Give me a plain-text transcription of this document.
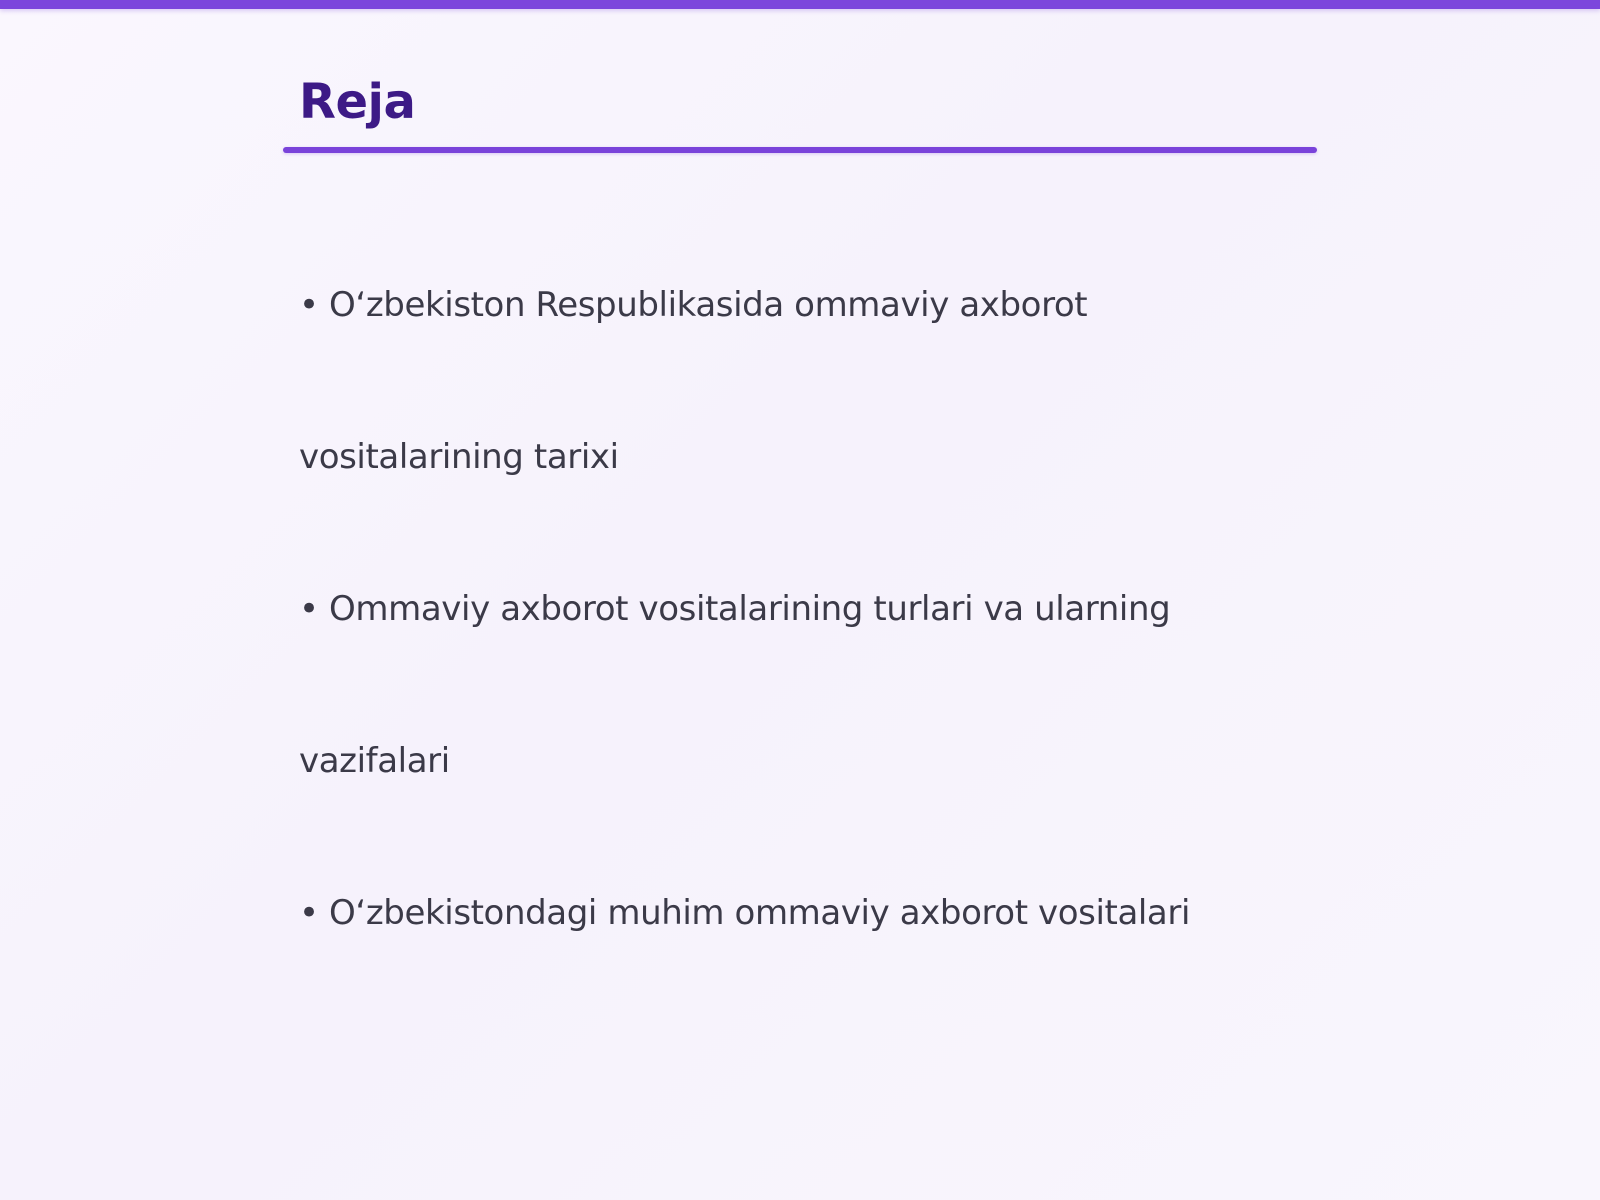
Reja

• O‘zbekiston Respublikasida ommaviy axborot

vositalarining tarixi

• Ommaviy axborot vositalarining turlari va ularning

vazifalari

• O‘zbekistondagi muhim ommaviy axborot vositalari
